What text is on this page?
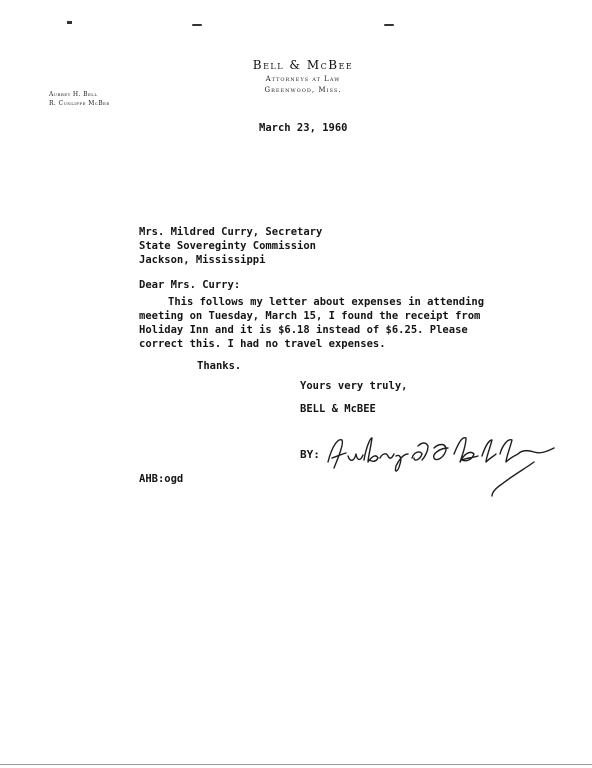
Bell & McBee
Attorneys at Law
Greenwood, Miss.
Aubrey H. Bell
R. Cunliffe McBee
March 23, 1960
Mrs. Mildred Curry, Secretary
State Sovereginty Commission
Jackson, Mississippi
Dear Mrs. Curry:
This follows my letter about expenses in attending
meeting on Tuesday, March 15, I found the receipt from
Holiday Inn and it is $6.18 instead of $6.25. Please
correct this. I had no travel expenses.
Thanks.
Yours very truly,
BELL & McBEE
BY:
AHB:ogd
